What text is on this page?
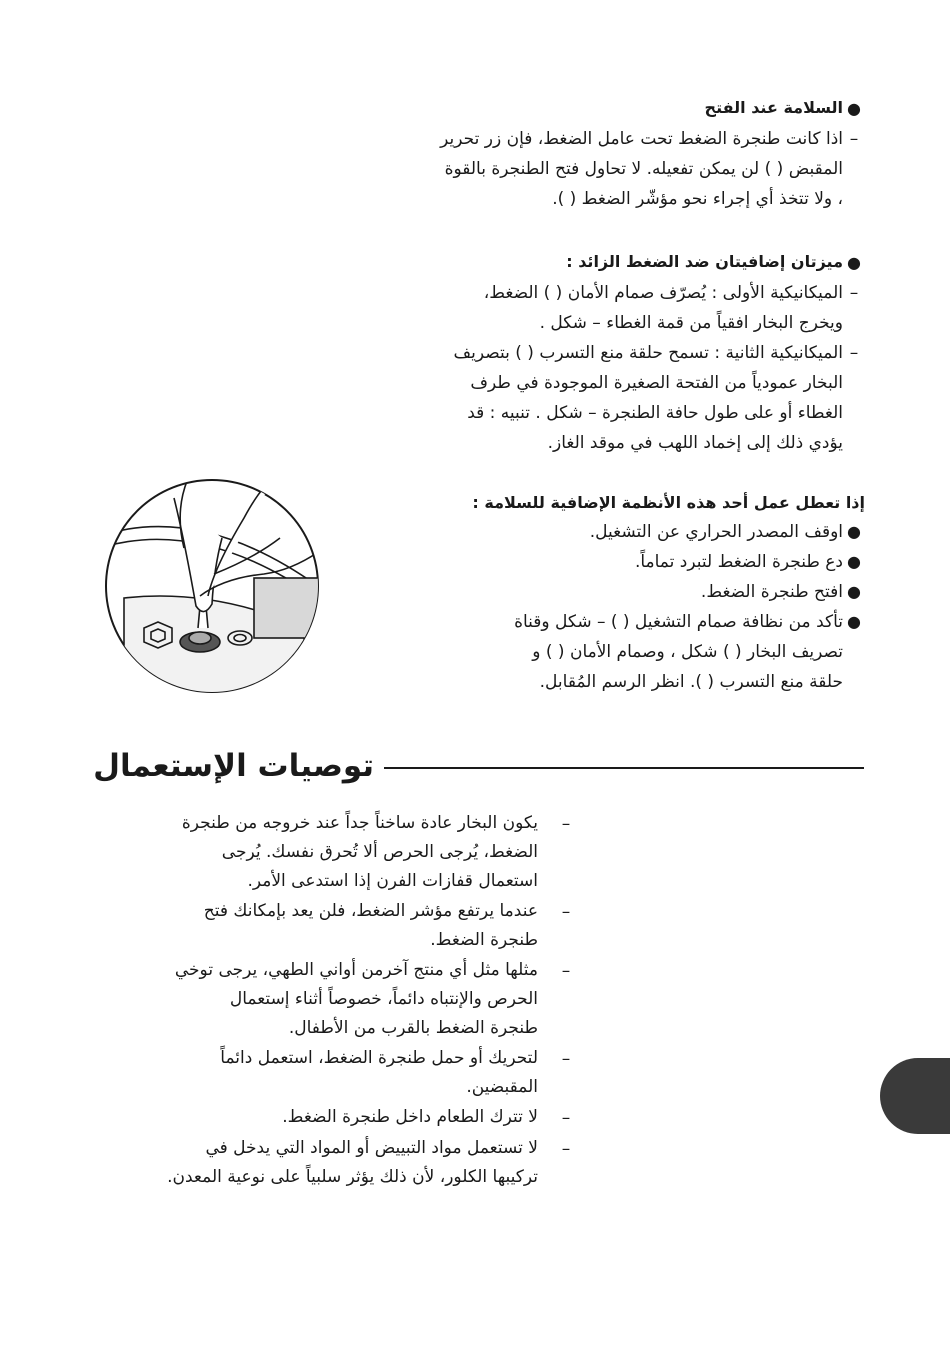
●
السلامة عند الفتح
–
اذا كانت طنجرة الضغط تحت عامل الضغط، فإن زر تحرير
المقبض ( ) لن يمكن تفعيله. لا تحاول فتح الطنجرة بالقوة
، ولا تتخذ أي إجراء نحو مؤشّر الضغط ( ).
●
ميزتان إضافيتان ضد الضغط الزائد :
–
الميكانيكية الأولى : يُصرّف صمام الأمان ( ) الضغط،
ويخرج البخار افقياً من قمة الغطاء – شكل .
–
الميكانيكية الثانية : تسمح حلقة منع التسرب ( ) بتصريف
البخار عمودياً من الفتحة الصغيرة الموجودة في طرف
الغطاء أو على طول حافة الطنجرة – شكل . تنبيه : قد
يؤدي ذلك إلى إخماد اللهب في موقد الغاز.
إذا تعطل عمل أحد هذه الأنظمة الإضافية للسلامة :
●
اوقف المصدر الحراري عن التشغيل.
●
دع طنجرة الضغط لتبرد تماماً.
●
افتح طنجرة الضغط.
●
تأكد من نظافة صمام التشغيل ( ) – شكل وقناة
تصريف البخار ( ) شكل ، وصمام الأمان ( ) و
حلقة منع التسرب ( ). انظر الرسم المُقابل.
توصيات الإستعمال
–
يكون البخار عادة ساخناً جداً عند خروجه من طنجرة
الضغط، يُرجى الحرص ألا تُحرق نفسك. يُرجى
استعمال قفازات الفرن إذا استدعى الأمر.
–
عندما يرتفع مؤشر الضغط، فلن يعد بإمكانك فتح
طنجرة الضغط.
–
مثلها مثل أي منتج آخرمن أواني الطهي، يرجى توخي
الحرص والإنتباه دائماً، خصوصاً أثناء إستعمال
طنجرة الضغط بالقرب من الأطفال.
–
لتحريك أو حمل طنجرة الضغط، استعمل دائماً
المقبضين.
–
لا تترك الطعام داخل طنجرة الضغط.
–
لا تستعمل مواد التبييض أو المواد التي يدخل في
تركيبها الكلور، لأن ذلك يؤثر سلبياً على نوعية المعدن.
